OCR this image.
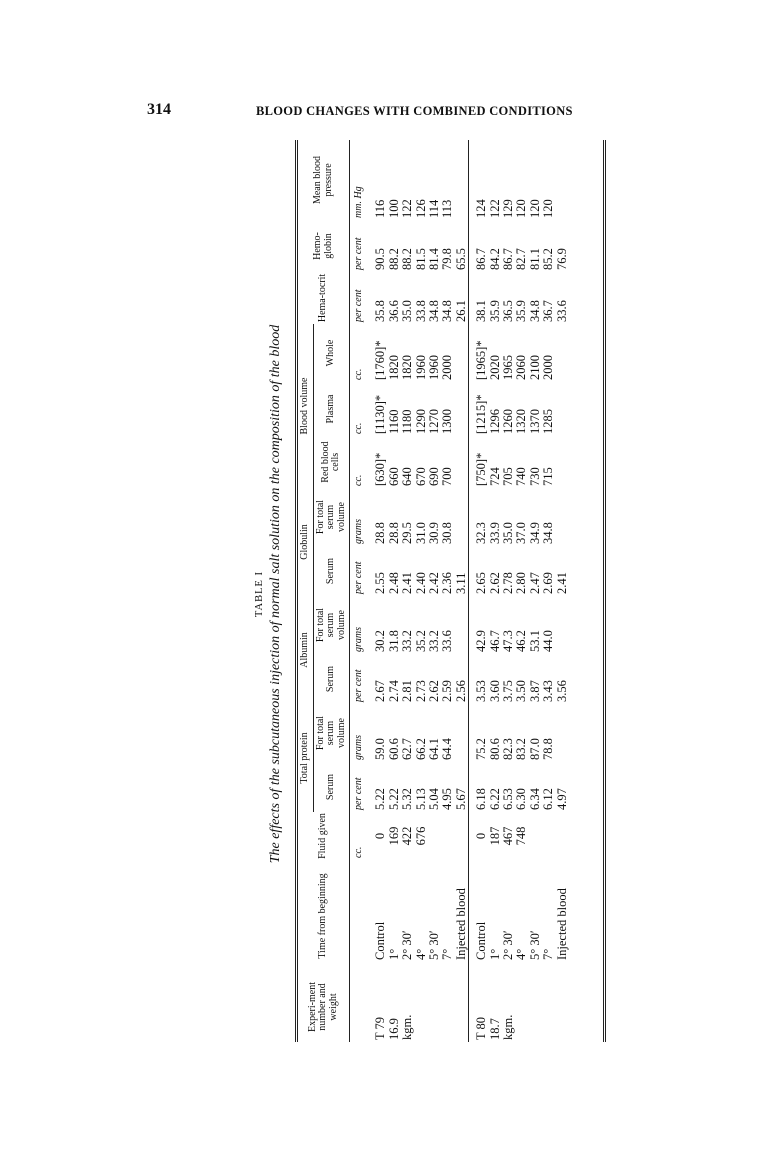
314	BLOOD CHANGES WITH COMBINED CONDITIONS
TABLE I The effects of the subcutaneous injection of normal salt solution on the composition of the blood
Experi-ment number and weight	Time from beginning	Fluid given	Total protein		Albumin		Globulin		Blood volume			Hema-tocrit	Hemo-globin	Mean blood pressure
			Serum	For total serum volume	Serum	For total serum volume	Serum	For total serum volume	Red blood cells	Plasma	Whole			
		cc.	per cent	grams	per cent	grams	per cent	grams	cc.	cc.	cc.	per cent	per cent	mm. Hg
T 79	Control	0	5.22	59.0	2.67	30.2	2.55	28.8	[630]*	[1130]*	[1760]*	35.8	90.5	116
16.9	1°	169	5.22	60.6	2.74	31.8	2.48	28.8	660	1160	1820	36.6	88.2	100
kgm.	2° 30′	422	5.32	62.7	2.81	33.2	2.41	29.5	640	1180	1820	35.0	88.2	122
	4°	676	5.13	66.2	2.73	35.2	2.40	31.0	670	1290	1960	33.8	81.5	126
	5° 30′		5.04	64.1	2.62	33.2	2.42	30.9	690	1270	1960	34.8	81.4	114
	7°		4.95	64.4	2.59	33.6	2.36	30.8	700	1300	2000	34.8	79.8	113
	Injected blood		5.67		2.56		3.11					26.1	65.5	
T 80	Control	0	6.18	75.2	3.53	42.9	2.65	32.3	[750]*	[1215]*	[1965]*	38.1	86.7	124
18.7	1°	187	6.22	80.6	3.60	46.7	2.62	33.9	724	1296	2020	35.9	84.2	122
kgm.	2° 30′	467	6.53	82.3	3.75	47.3	2.78	35.0	705	1260	1965	36.5	86.7	129
	4°	748	6.30	83.2	3.50	46.2	2.80	37.0	740	1320	2060	35.9	82.7	120
	5° 30′		6.34	87.0	3.87	53.1	2.47	34.9	730	1370	2100	34.8	81.1	120
	7°		6.12	78.8	3.43	44.0	2.69	34.8	715	1285	2000	36.7	85.2	120
	Injected blood		4.97		3.56		2.41					33.6	76.9	
